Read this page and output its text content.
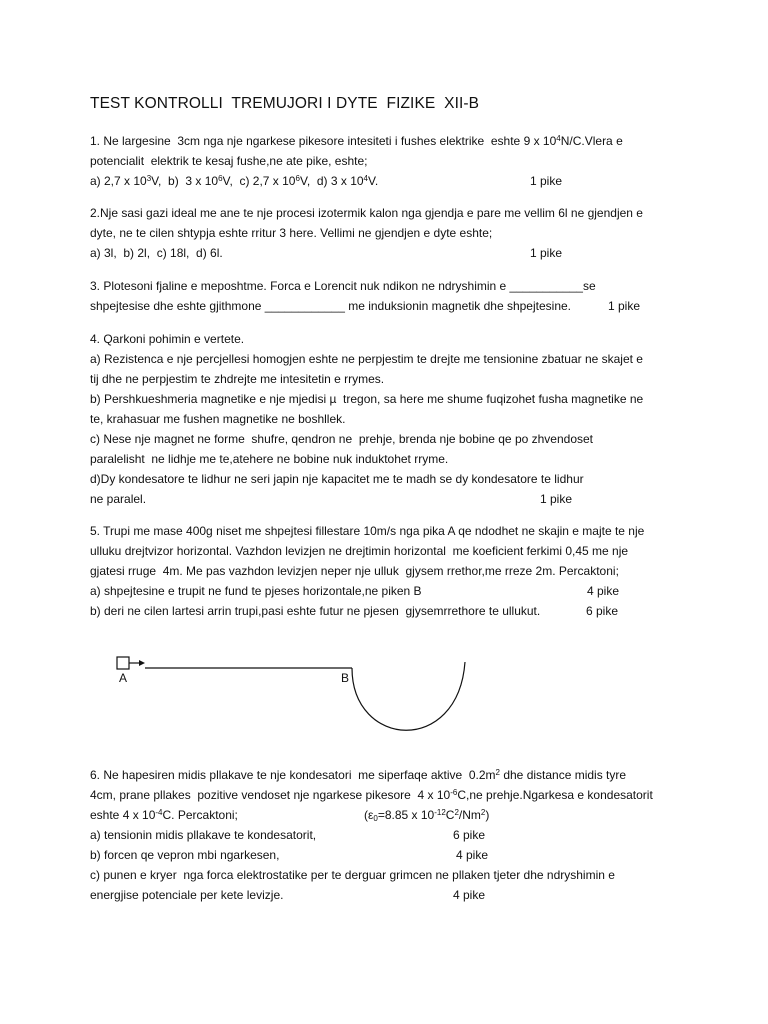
TEST KONTROLLI  TREMUJORI I DYTE  FIZIKE  XII-B
1. Ne largesine  3cm nga nje ngarkese pikesore intesiteti i fushes elektrike  eshte 9 x $10^4N/C.Vlera$ e
potencialit  elektrik te kesaj fushe,ne ate pike, eshte;
a) 2,7 x $10^3V$,  b)  3 x $10^6V$,  c) 2,7 x $10^6V$,  d) 3 x $10^4V$.	1 pike
2.Nje sasi gazi ideal me ane te nje procesi izotermik kalon nga gjendja e pare me vellim 6l ne gjendjen e
dyte, ne te cilen shtypja eshte rritur 3 here. Vellimi ne gjendjen e dyte eshte;
a) 3l,  b) 2l,  c) 18l,  d) 6l.	1 pike
3. Plotesoni fjaline e meposhtme. Forca e Lorencit nuk ndikon ne ndryshimin e ___________se
shpejtesise dhe eshte gjithmone ____________ me induksionin magnetik dhe shpejtesine.	1 pike
4. Qarkoni pohimin e vertete.
a) Rezistenca e nje percjellesi homogjen eshte ne perpjestim te drejte me tensionine zbatuar ne skajet e
tij dhe ne perpjestim te zhdrejte me intesitetin e rrymes.
b) Pershkueshmeria magnetike e nje mjedisi µ  tregon, sa here me shume fuqizohet fusha magnetike ne
te, krahasuar me fushen magnetike ne boshllek.
c) Nese nje magnet ne forme  shufre, qendron ne  prehje, brenda nje bobine qe po zhvendoset
paralelisht  ne lidhje me te,atehere ne bobine nuk induktohet rryme.
d)Dy kondesatore te lidhur ne seri japin nje kapacitet me te madh se dy kondesatore te lidhur
ne paralel.	1 pike
5. Trupi me mase 400g niset me shpejtesi fillestare 10m/s nga pika A qe ndodhet ne skajin e majte te nje
ulluku drejtvizor horizontal. Vazhdon levizjen ne drejtimin horizontal  me koeficient ferkimi 0,45 me nje
gjatesi rruge  4m. Me pas vazhdon levizjen neper nje ulluk  gjysem rrethor,me rreze 2m. Percaktoni;
a) shpejtesine e trupit ne fund te pjeses horizontale,ne piken B
b) deri ne cilen lartesi arrin trupi,pasi eshte futur ne pjesen  gjysemrrethore te ullukut.
4 pike
6 pike
A	B
6. Ne hapesiren midis pllakave te nje kondesatori  me siperfaqe aktive  $0.2m^2$ dhe distance midis tyre
4cm, prane pllakes  pozitive vendoset nje ngarkese pikesore  4 x $10^{-6}C,ne$ prehje.Ngarkesa e kondesatorit
eshte 4 x $10^{-4}C$. Percaktoni;
a) tensionin midis pllakave te kondesatorit,
b) forcen qe vepron mbi ngarkesen,
c) punen e kryer  nga forca elektrostatike per te derguar grimcen ne pllaken tjeter dhe ndryshimin e
energjise potenciale per kete levizje.
($\varepsilon_0=8.85$ x $10^{-12}C^2/Nm^2$)
6 pike
4 pike
4 pike
